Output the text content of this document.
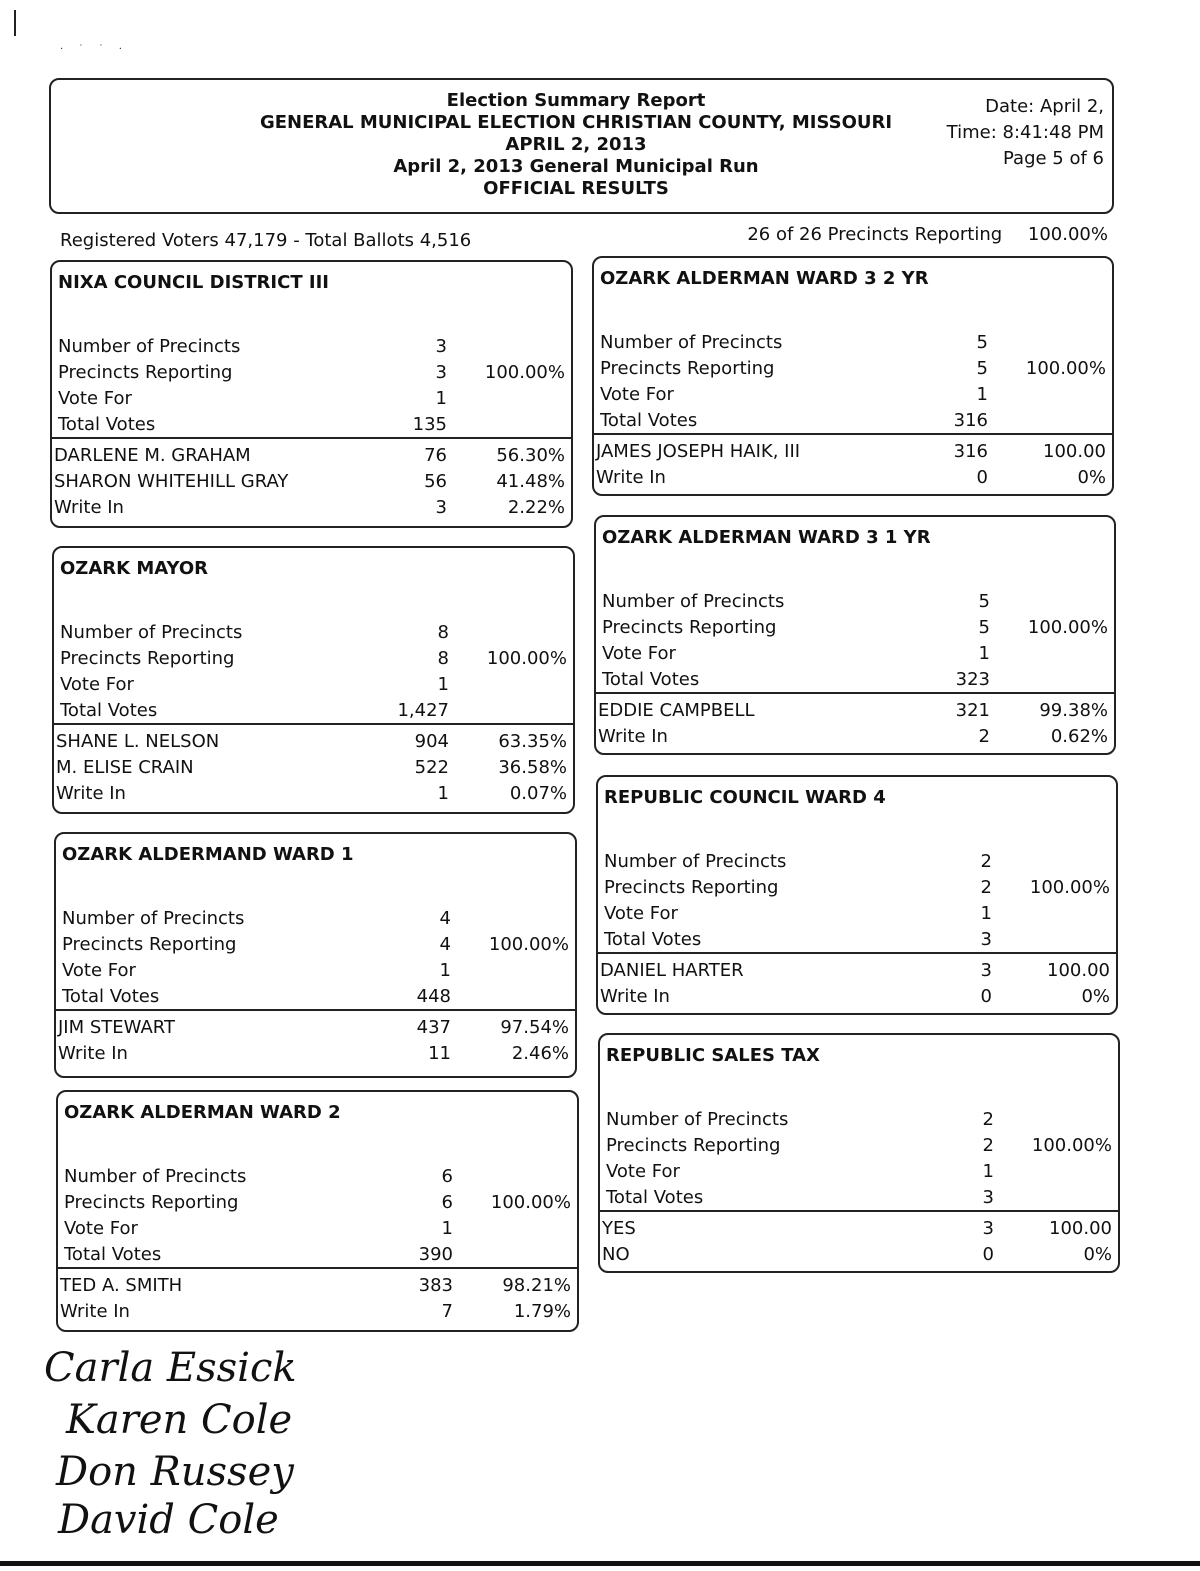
· ˙ ˙ ·
Election Summary Report
GENERAL MUNICIPAL ELECTION CHRISTIAN COUNTY, MISSOURI
APRIL 2, 2013
April 2, 2013 General Municipal Run
OFFICIAL RESULTS
Date: April 2,
Time: 8:41:48 PM
Page 5 of 6
Registered Voters 47,179 - Total Ballots 4,516	26 of 26 Precincts Reporting 100.00%
NIXA COUNCIL DISTRICT III
Number of Precincts	3
Precincts Reporting	3 100.00%
Vote For	1
Total Votes	135
DARLENE M. GRAHAM	76	56.30%
SHARON WHITEHILL GRAY	56	41.48%
Write In	3	2.22%
OZARK MAYOR
Number of Precincts	8
Precincts Reporting	8 100.00%
Vote For	1
Total Votes	1,427
SHANE L. NELSON	904	63.35%
M. ELISE CRAIN	522	36.58%
Write In	1	0.07%
OZARK ALDERMAND WARD 1
Number of Precincts	4
Precincts Reporting	4 100.00%
Vote For	1
Total Votes	448
JIM STEWART	437	97.54%
Write In	11	2.46%
OZARK ALDERMAN WARD 2
Number of Precincts	6
Precincts Reporting	6 100.00%
Vote For	1
Total Votes	390
TED A. SMITH	383	98.21%
Write In	7	1.79%
OZARK ALDERMAN WARD 3 2 YR
Number of Precincts	5
Precincts Reporting	5 100.00%
Vote For	1
Total Votes	316
JAMES JOSEPH HAIK, III	316	100.00
Write In	0	0%
OZARK ALDERMAN WARD 3 1 YR
Number of Precincts	5
Precincts Reporting	5 100.00%
Vote For	1
Total Votes	323
EDDIE CAMPBELL	321	99.38%
Write In	2	0.62%
REPUBLIC COUNCIL WARD 4
Number of Precincts	2
Precincts Reporting	2 100.00%
Vote For	1
Total Votes	3
DANIEL HARTER	3	100.00
Write In	0	0%
REPUBLIC SALES TAX
Number of Precincts	2
Precincts Reporting	2 100.00%
Vote For	1
Total Votes	3
YES	3	100.00
NO	0	0%
Carla Essick
Karen Cole
Don Russey
David Cole
